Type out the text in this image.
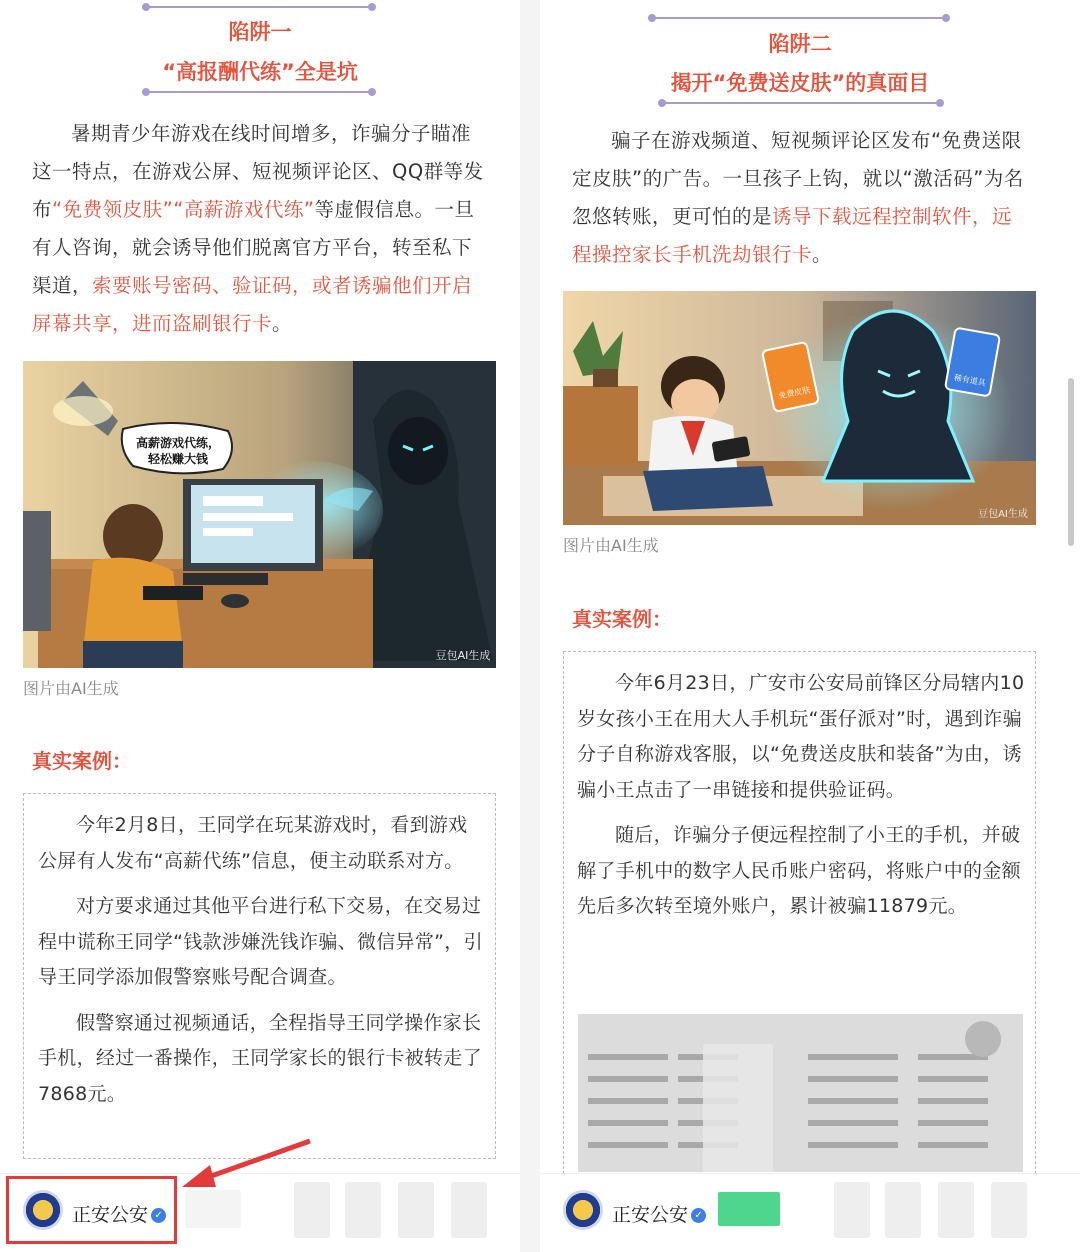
陷阱一
“高报酬代练”全是坑
暑期青少年游戏在线时间增多，诈骗分子瞄准这一特点，在游戏公屏、短视频评论区、QQ群等发布“免费领皮肤”“高薪游戏代练”等虚假信息。一旦有人咨询，就会诱导他们脱离官方平台，转至私下渠道，索要账号密码、验证码，或者诱骗他们开启屏幕共享，进而盗刷银行卡。
高薪游戏代练，
轻松赚大钱
豆包AI生成
图片由AI生成
真实案例：

今年2月8日，王同学在玩某游戏时，看到游戏公屏有人发布“高薪代练”信息，便主动联系对方。

对方要求通过其他平台进行私下交易，在交易过程中谎称王同学“钱款涉嫌洗钱诈骗、微信异常”，引导王同学添加假警察账号配合调查。

假警察通过视频通话，全程指导王同学操作家长手机，经过一番操作，王同学家长的银行卡被转走了7868元。

正安公安 ✓
陷阱二
揭开“免费送皮肤”的真面目
骗子在游戏频道、短视频评论区发布“免费送限定皮肤”的广告。一旦孩子上钩，就以“激活码”为名忽悠转账，更可怕的是诱导下载远程控制软件，远程操控家长手机洗劫银行卡。
免费皮肤
稀有道具
豆包AI生成
图片由AI生成
真实案例：

今年6月23日，广安市公安局前锋区分局辖内10岁女孩小王在用大人手机玩“蛋仔派对”时，遇到诈骗分子自称游戏客服，以“免费送皮肤和装备”为由，诱骗小王点击了一串链接和提供验证码。

随后，诈骗分子便远程控制了小王的手机，并破解了手机中的数字人民币账户密码，将账户中的金额先后多次转至境外账户，累计被骗11879元。

正安公安 ✓
